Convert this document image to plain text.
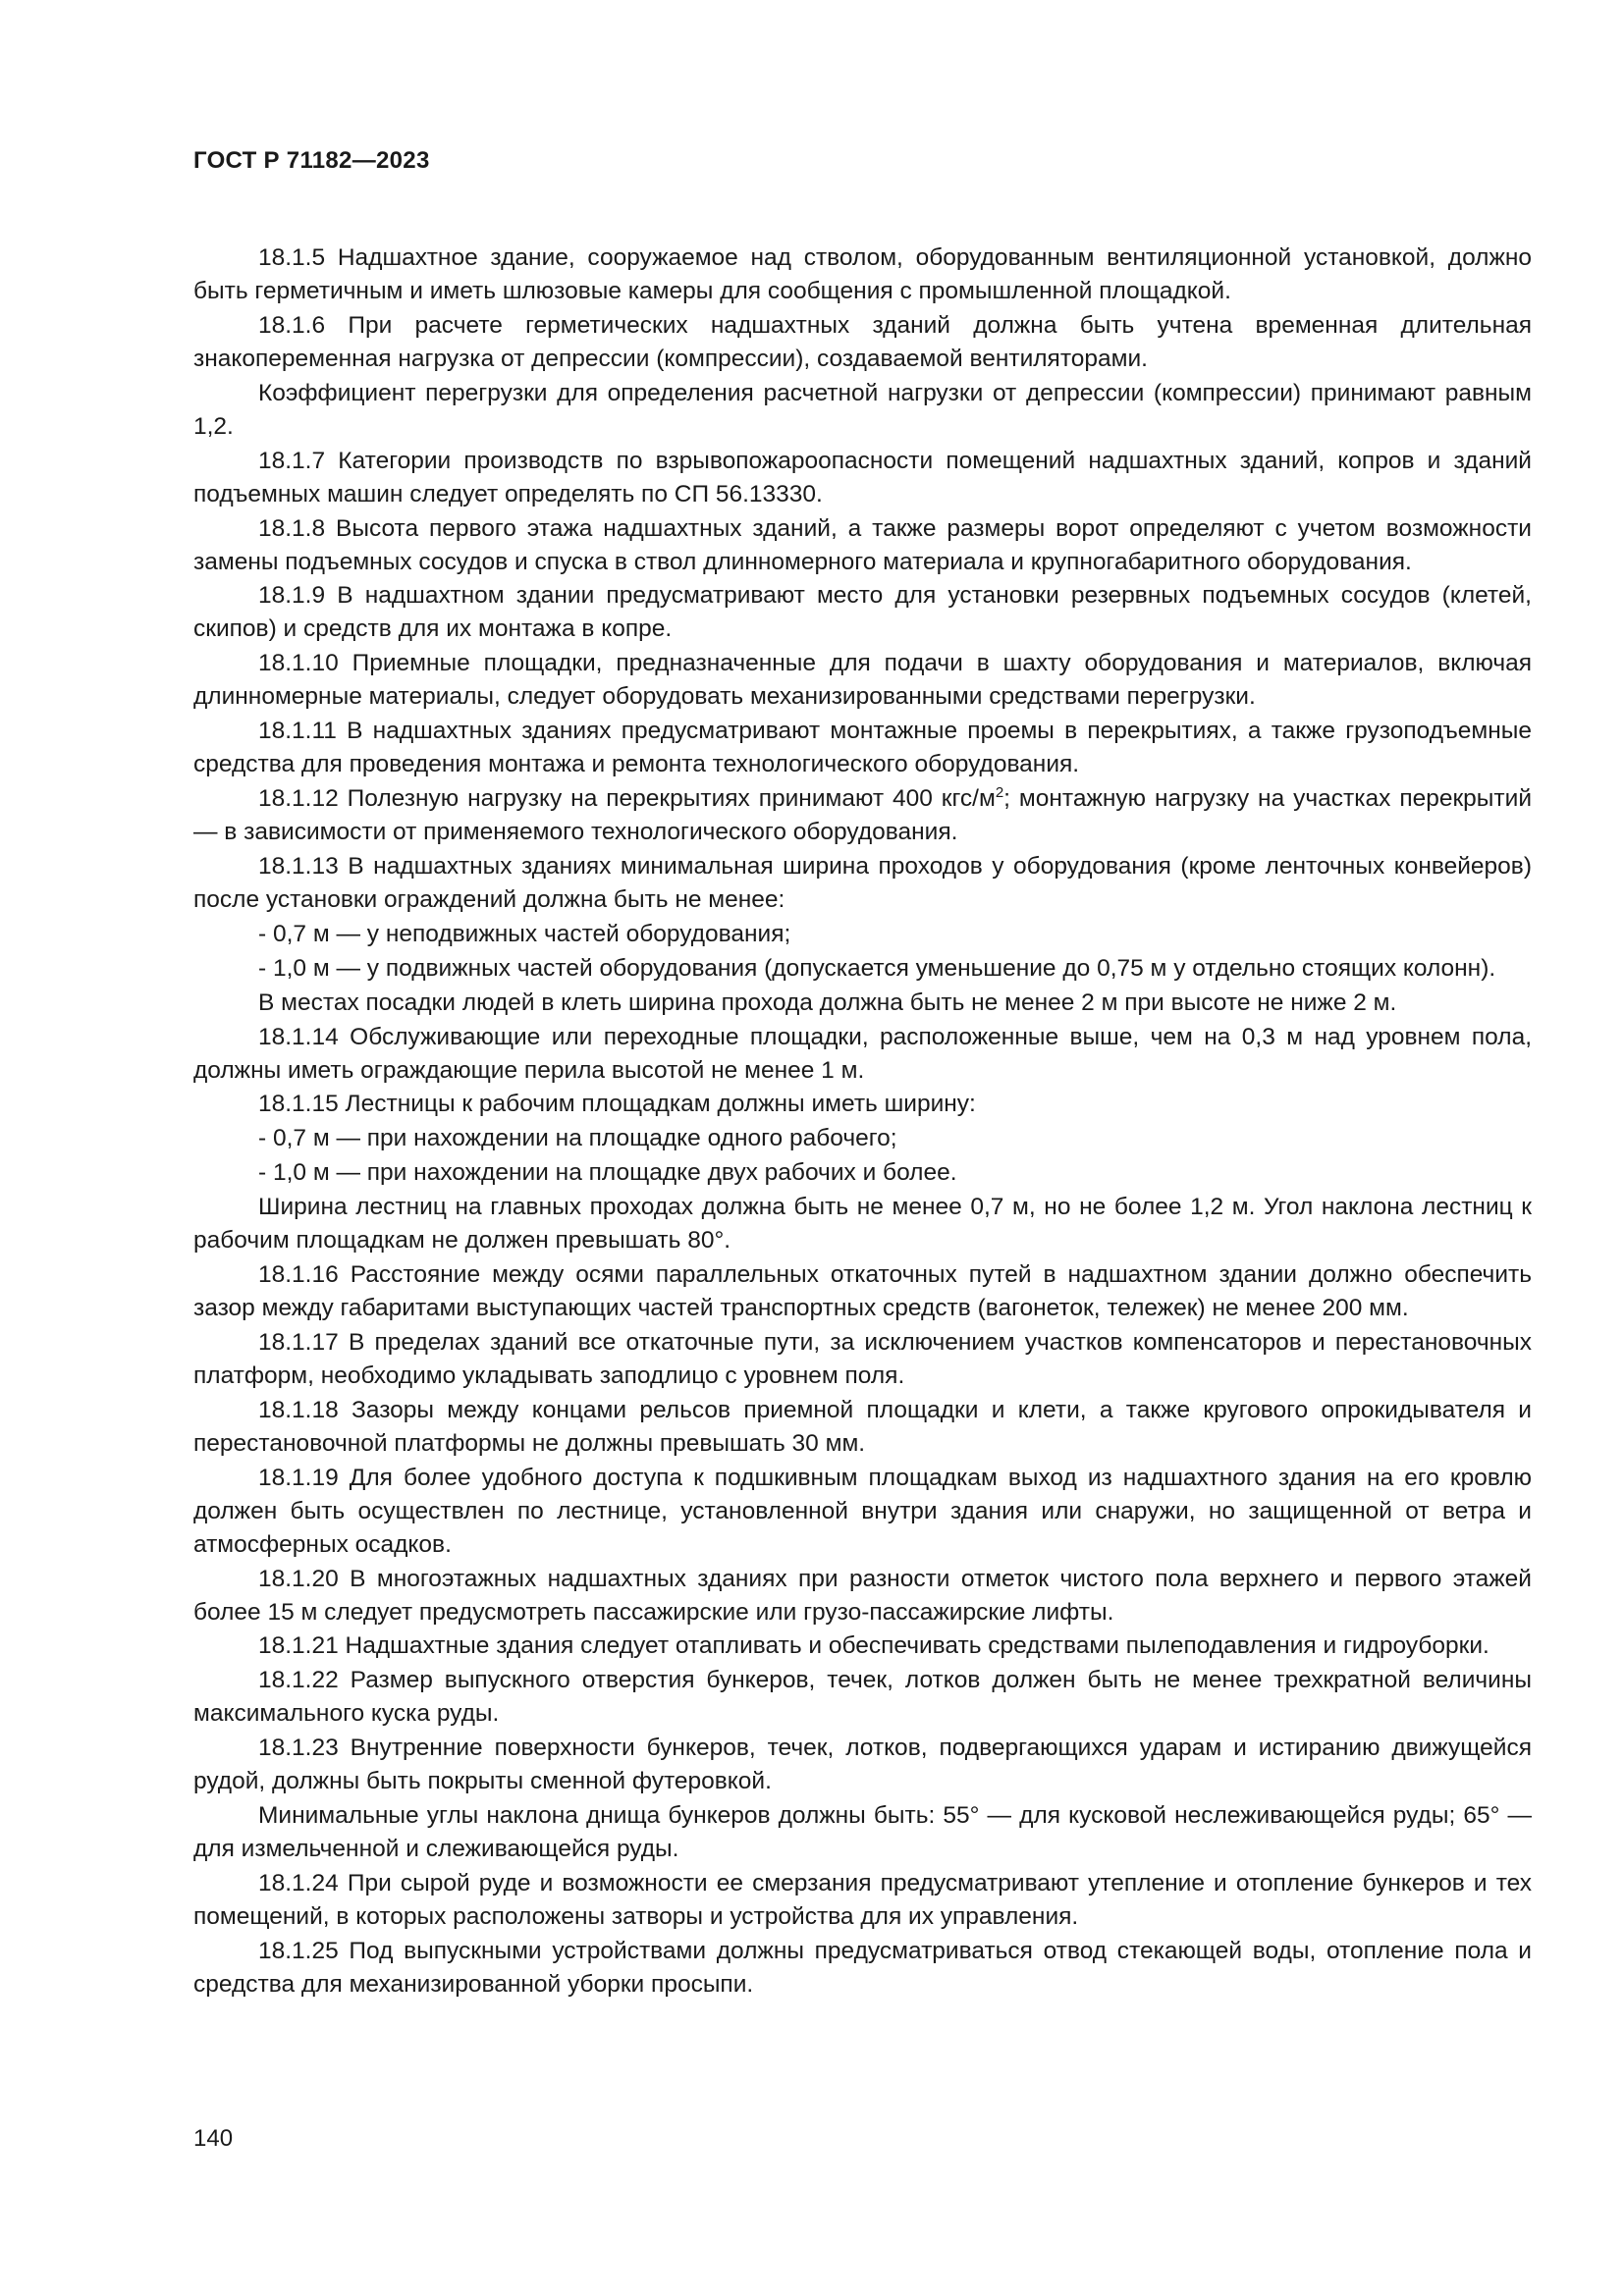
ГОСТ Р 71182—2023

18.1.5 Надшахтное здание, сооружаемое над стволом, оборудованным вентиляционной установкой, должно быть герметичным и иметь шлюзовые камеры для сообщения с промышленной площадкой.

18.1.6 При расчете герметических надшахтных зданий должна быть учтена временная длительная знакопеременная нагрузка от депрессии (компрессии), создаваемой вентиляторами.

Коэффициент перегрузки для определения расчетной нагрузки от депрессии (компрессии) принимают равным 1,2.

18.1.7 Категории производств по взрывопожароопасности помещений надшахтных зданий, копров и зданий подъемных машин следует определять по СП 56.13330.

18.1.8 Высота первого этажа надшахтных зданий, а также размеры ворот определяют с учетом возможности замены подъемных сосудов и спуска в ствол длинномерного материала и крупногабаритного оборудования.

18.1.9 В надшахтном здании предусматривают место для установки резервных подъемных сосудов (клетей, скипов) и средств для их монтажа в копре.

18.1.10 Приемные площадки, предназначенные для подачи в шахту оборудования и материалов, включая длинномерные материалы, следует оборудовать механизированными средствами перегрузки.

18.1.11 В надшахтных зданиях предусматривают монтажные проемы в перекрытиях, а также грузоподъемные средства для проведения монтажа и ремонта технологического оборудования.

18.1.12 Полезную нагрузку на перекрытиях принимают 400 кгс/$м^2$; монтажную нагрузку на участках перекрытий — в зависимости от применяемого технологического оборудования.

18.1.13 В надшахтных зданиях минимальная ширина проходов у оборудования (кроме ленточных конвейеров) после установки ограждений должна быть не менее:

- 0,7 м — у неподвижных частей оборудования;

- 1,0 м — у подвижных частей оборудования (допускается уменьшение до 0,75 м у отдельно стоящих колонн).

В местах посадки людей в клеть ширина прохода должна быть не менее 2 м при высоте не ниже 2 м.

18.1.14 Обслуживающие или переходные площадки, расположенные выше, чем на 0,3 м над уровнем пола, должны иметь ограждающие перила высотой не менее 1 м.

18.1.15 Лестницы к рабочим площадкам должны иметь ширину:

- 0,7 м — при нахождении на площадке одного рабочего;

- 1,0 м — при нахождении на площадке двух рабочих и более.

Ширина лестниц на главных проходах должна быть не менее 0,7 м, но не более 1,2 м. Угол наклона лестниц к рабочим площадкам не должен превышать 80°.

18.1.16 Расстояние между осями параллельных откаточных путей в надшахтном здании должно обеспечить зазор между габаритами выступающих частей транспортных средств (вагонеток, тележек) не менее 200 мм.

18.1.17 В пределах зданий все откаточные пути, за исключением участков компенсаторов и перестановочных платформ, необходимо укладывать заподлицо с уровнем поля.

18.1.18 Зазоры между концами рельсов приемной площадки и клети, а также кругового опрокидывателя и перестановочной платформы не должны превышать 30 мм.

18.1.19 Для более удобного доступа к подшкивным площадкам выход из надшахтного здания на его кровлю должен быть осуществлен по лестнице, установленной внутри здания или снаружи, но защищенной от ветра и атмосферных осадков.

18.1.20 В многоэтажных надшахтных зданиях при разности отметок чистого пола верхнего и первого этажей более 15 м следует предусмотреть пассажирские или грузо-пассажирские лифты.

18.1.21 Надшахтные здания следует отапливать и обеспечивать средствами пылеподавления и гидроуборки.

18.1.22 Размер выпускного отверстия бункеров, течек, лотков должен быть не менее трехкратной величины максимального куска руды.

18.1.23 Внутренние поверхности бункеров, течек, лотков, подвергающихся ударам и истиранию движущейся рудой, должны быть покрыты сменной футеровкой.

Минимальные углы наклона днища бункеров должны быть: 55° — для кусковой неслеживающейся руды; 65° — для измельченной и слеживающейся руды.

18.1.24 При сырой руде и возможности ее смерзания предусматривают утепление и отопление бункеров и тех помещений, в которых расположены затворы и устройства для их управления.

18.1.25 Под выпускными устройствами должны предусматриваться отвод стекающей воды, отопление пола и средства для механизированной уборки просыпи.

140
